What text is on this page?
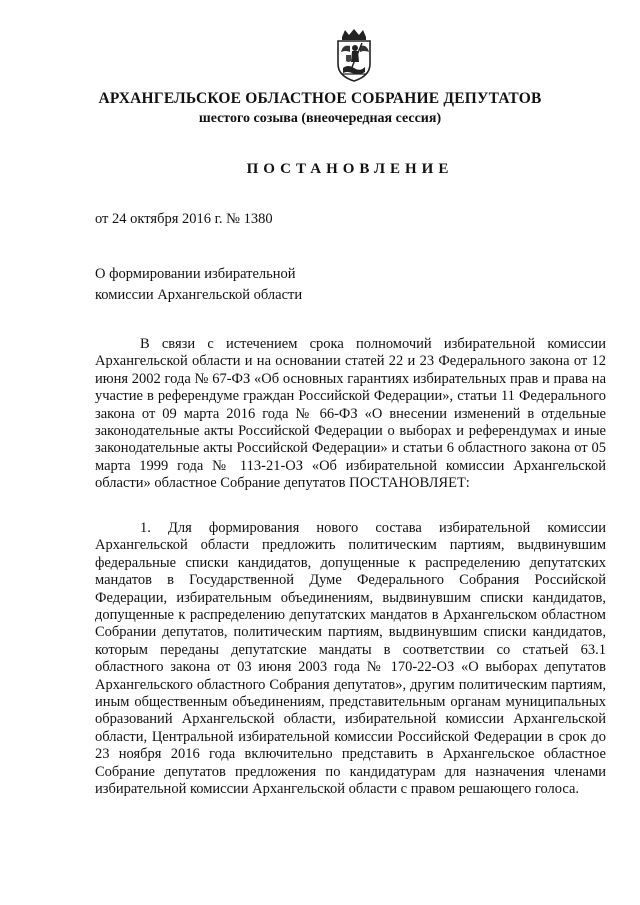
АРХАНГЕЛЬСКОЕ ОБЛАСТНОЕ СОБРАНИЕ ДЕПУТАТОВ
шестого созыва (внеочередная сессия)
ПОСТАНОВЛЕНИЕ
от 24 октября 2016 г. № 1380
О формировании избирательной
комиссии Архангельской области

В связи с истечением срока полномочий избирательной комиссии Архангельской области и на основании статей 22 и 23 Федерального закона от 12 июня 2002 года № 67-ФЗ «Об основных гарантиях избирательных прав и права на участие в референдуме граждан Российской Федерации», статьи 11 Федерального закона от 09 марта 2016 года № 66-ФЗ «О внесении изменений в отдельные законодательные акты Российской Федерации о выборах и референдумах и иные законодательные акты Российской Федерации» и статьи 6 областного закона от 05 марта 1999 года № 113-21-ОЗ «Об избирательной комиссии Архангельской области» областное Собрание депутатов ПОСТАНОВЛЯЕТ:

1. Для формирования нового состава избирательной комиссии Архангельской области предложить политическим партиям, выдвинувшим федеральные списки кандидатов, допущенные к распределению депутатских мандатов в Государственной Думе Федерального Собрания Российской Федерации, избирательным объединениям, выдвинувшим списки кандидатов, допущенные к распределению депутатских мандатов в Архангельском областном Собрании депутатов, политическим партиям, выдвинувшим списки кандидатов, которым переданы депутатские мандаты в соответствии со статьей 63.1 областного закона от 03 июня 2003 года № 170-22-ОЗ «О выборах депутатов Архангельского областного Собрания депутатов», другим политическим партиям, иным общественным объединениям, представительным органам муниципальных образований Архангельской области, избирательной комиссии Архангельской области, Центральной избирательной комиссии Российской Федерации в срок до 23 ноября 2016 года включительно представить в Архангельское областное Собрание депутатов предложения по кандидатурам для назначения членами избирательной комиссии Архангельской области с правом решающего голоса.
